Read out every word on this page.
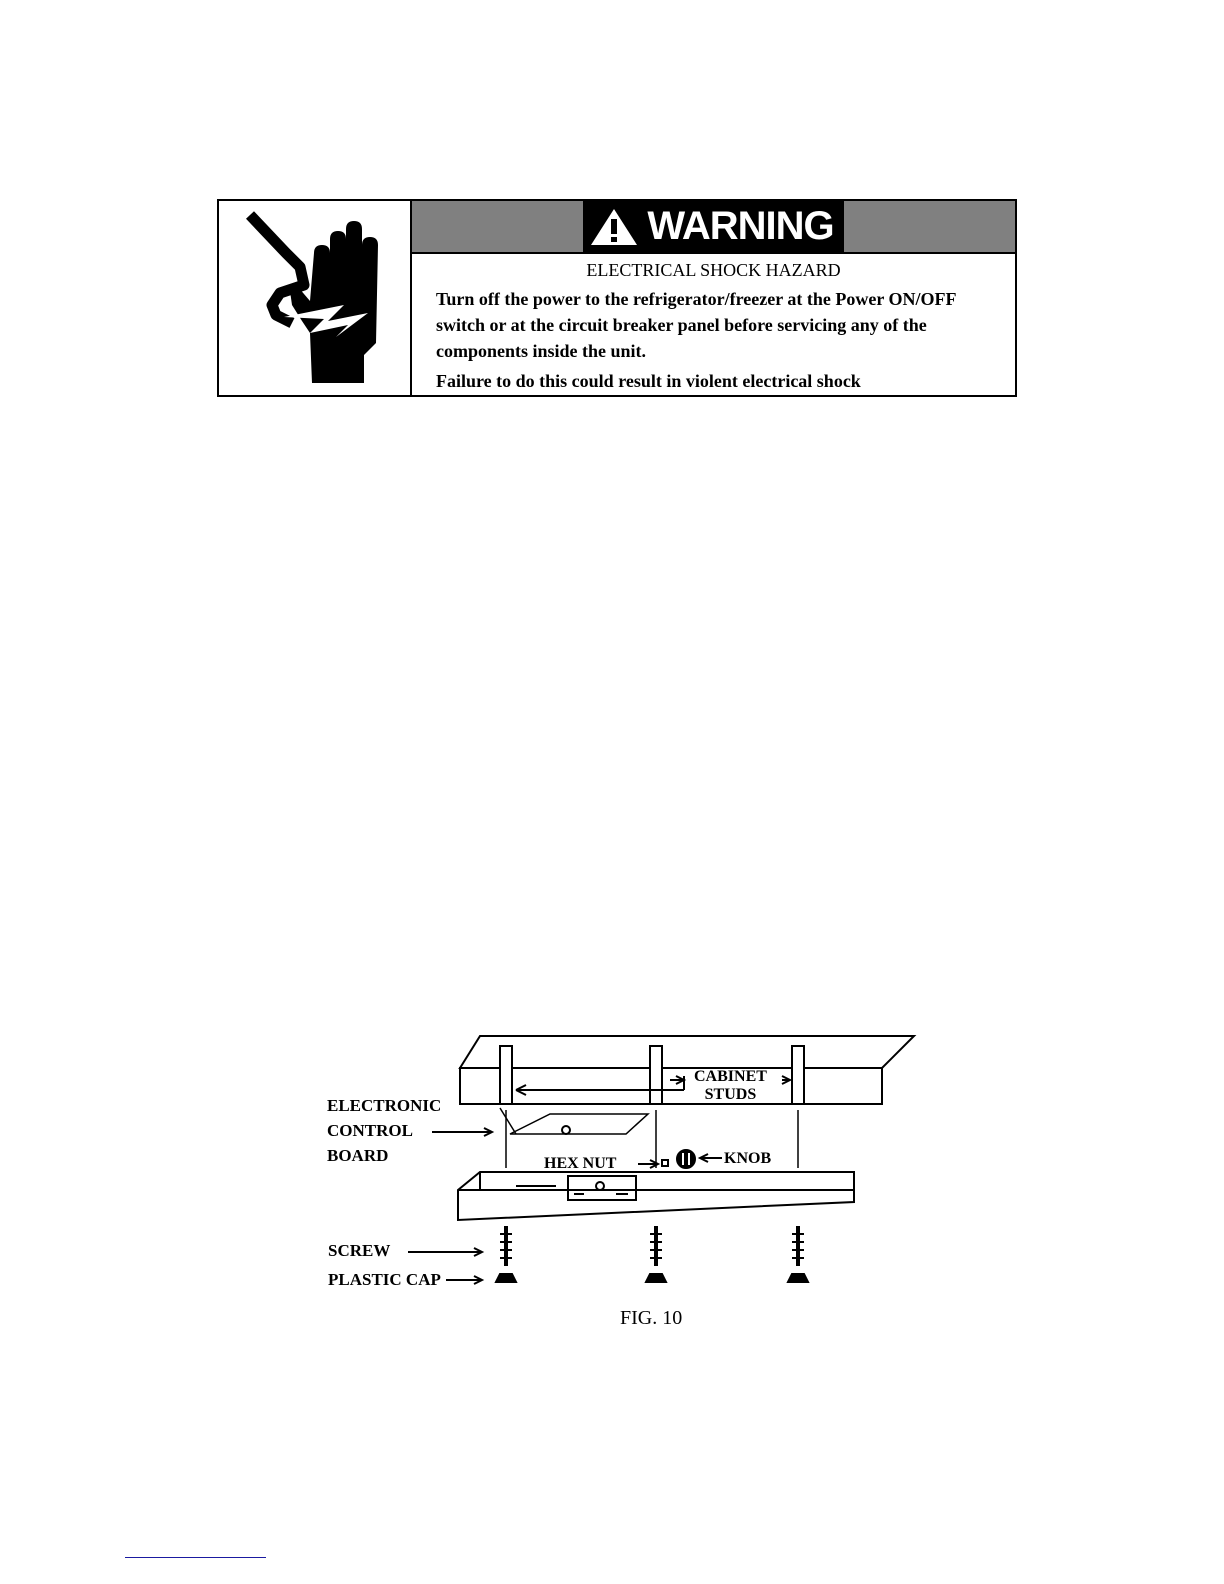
WARNING
ELECTRICAL SHOCK HAZARD

Turn off the power to the refrigerator/freezer at the Power ON/OFF switch or at the circuit breaker panel before servicing any of the components inside the unit.

Failure to do this could result in violent electrical shock

ELECTRONIC
CONTROL
BOARD
CABINET
STUDS
HEX NUT	KNOB
SCREW
PLASTIC CAP
FIG. 10
